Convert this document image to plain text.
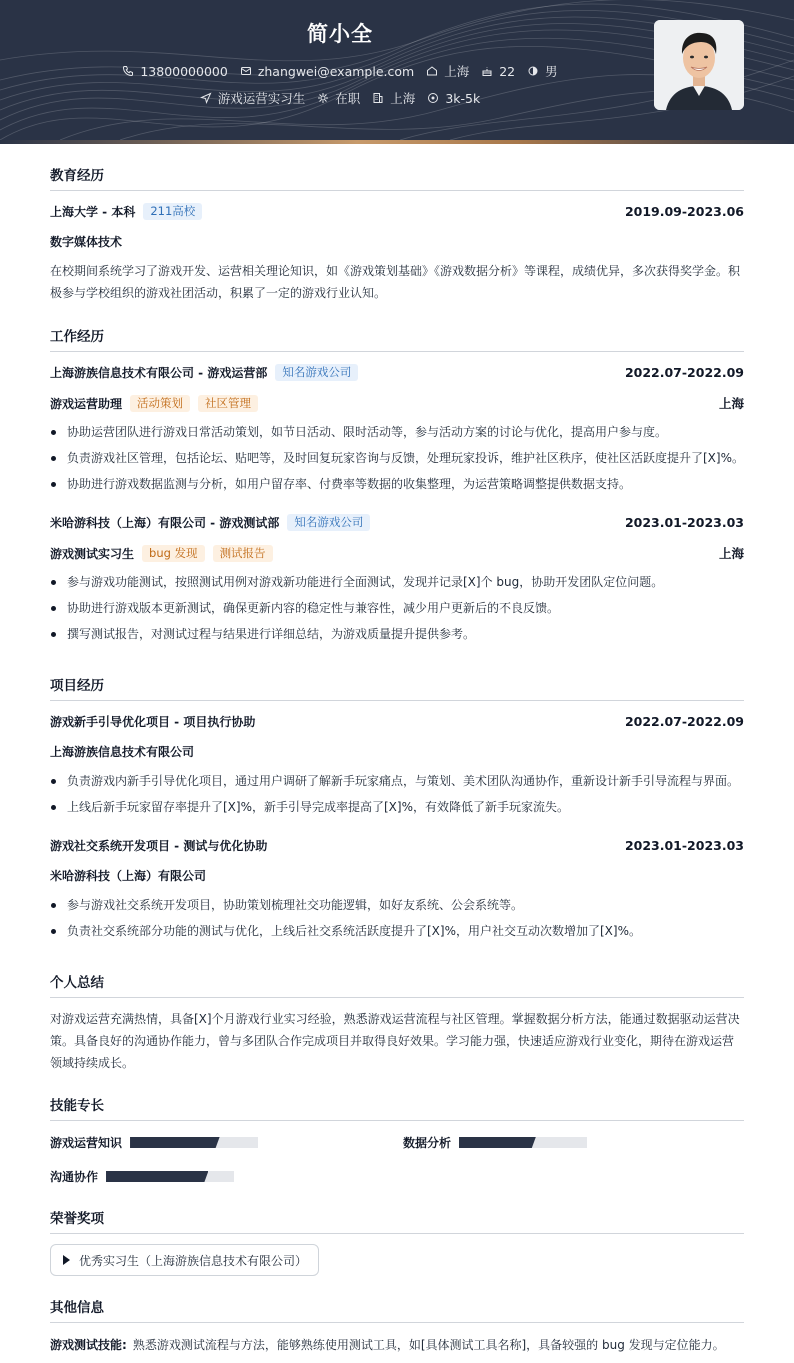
简小全
13800000000 zhangwei@example.com 上海 22 男
游戏运营实习生 在职 上海 3k-5k
教育经历
上海大学 - 本科	211高校	2019.09-2023.06
数字媒体技术
在校期间系统学习了游戏开发、运营相关理论知识，如《游戏策划基础》《游戏数据分析》等课程，成绩优异，多次获得奖学金。积极参与学校组织的游戏社团活动，积累了一定的游戏行业认知。
工作经历
上海游族信息技术有限公司 - 游戏运营部	知名游戏公司	2022.07-2022.09
游戏运营助理	活动策划	社区管理	上海
协助运营团队进行游戏日常活动策划，如节日活动、限时活动等，参与活动方案的讨论与优化，提高用户参与度。
负责游戏社区管理，包括论坛、贴吧等，及时回复玩家咨询与反馈，处理玩家投诉，维护社区秩序，使社区活跃度提升了[X]%。
协助进行游戏数据监测与分析，如用户留存率、付费率等数据的收集整理，为运营策略调整提供数据支持。
米哈游科技（上海）有限公司 - 游戏测试部	知名游戏公司	2023.01-2023.03
游戏测试实习生	bug 发现	测试报告	上海
参与游戏功能测试，按照测试用例对游戏新功能进行全面测试，发现并记录[X]个 bug，协助开发团队定位问题。
协助进行游戏版本更新测试，确保更新内容的稳定性与兼容性，减少用户更新后的不良反馈。
撰写测试报告，对测试过程与结果进行详细总结，为游戏质量提升提供参考。
项目经历
游戏新手引导优化项目 - 项目执行协助	2022.07-2022.09
上海游族信息技术有限公司
负责游戏内新手引导优化项目，通过用户调研了解新手玩家痛点，与策划、美术团队沟通协作，重新设计新手引导流程与界面。
上线后新手玩家留存率提升了[X]%，新手引导完成率提高了[X]%，有效降低了新手玩家流失。
游戏社交系统开发项目 - 测试与优化协助	2023.01-2023.03
米哈游科技（上海）有限公司
参与游戏社交系统开发项目，协助策划梳理社交功能逻辑，如好友系统、公会系统等。
负责社交系统部分功能的测试与优化，上线后社交系统活跃度提升了[X]%，用户社交互动次数增加了[X]%。
个人总结
对游戏运营充满热情，具备[X]个月游戏行业实习经验，熟悉游戏运营流程与社区管理。掌握数据分析方法，能通过数据驱动运营决策。具备良好的沟通协作能力，曾与多团队合作完成项目并取得良好效果。学习能力强，快速适应游戏行业变化，期待在游戏运营领域持续成长。
技能专长
游戏运营知识	数据分析
沟通协作
荣誉奖项
优秀实习生（上海游族信息技术有限公司）
其他信息
游戏测试技能: 熟悉游戏测试流程与方法，能够熟练使用测试工具，如[具体测试工具名称]，具备较强的 bug 发现与定位能力。
